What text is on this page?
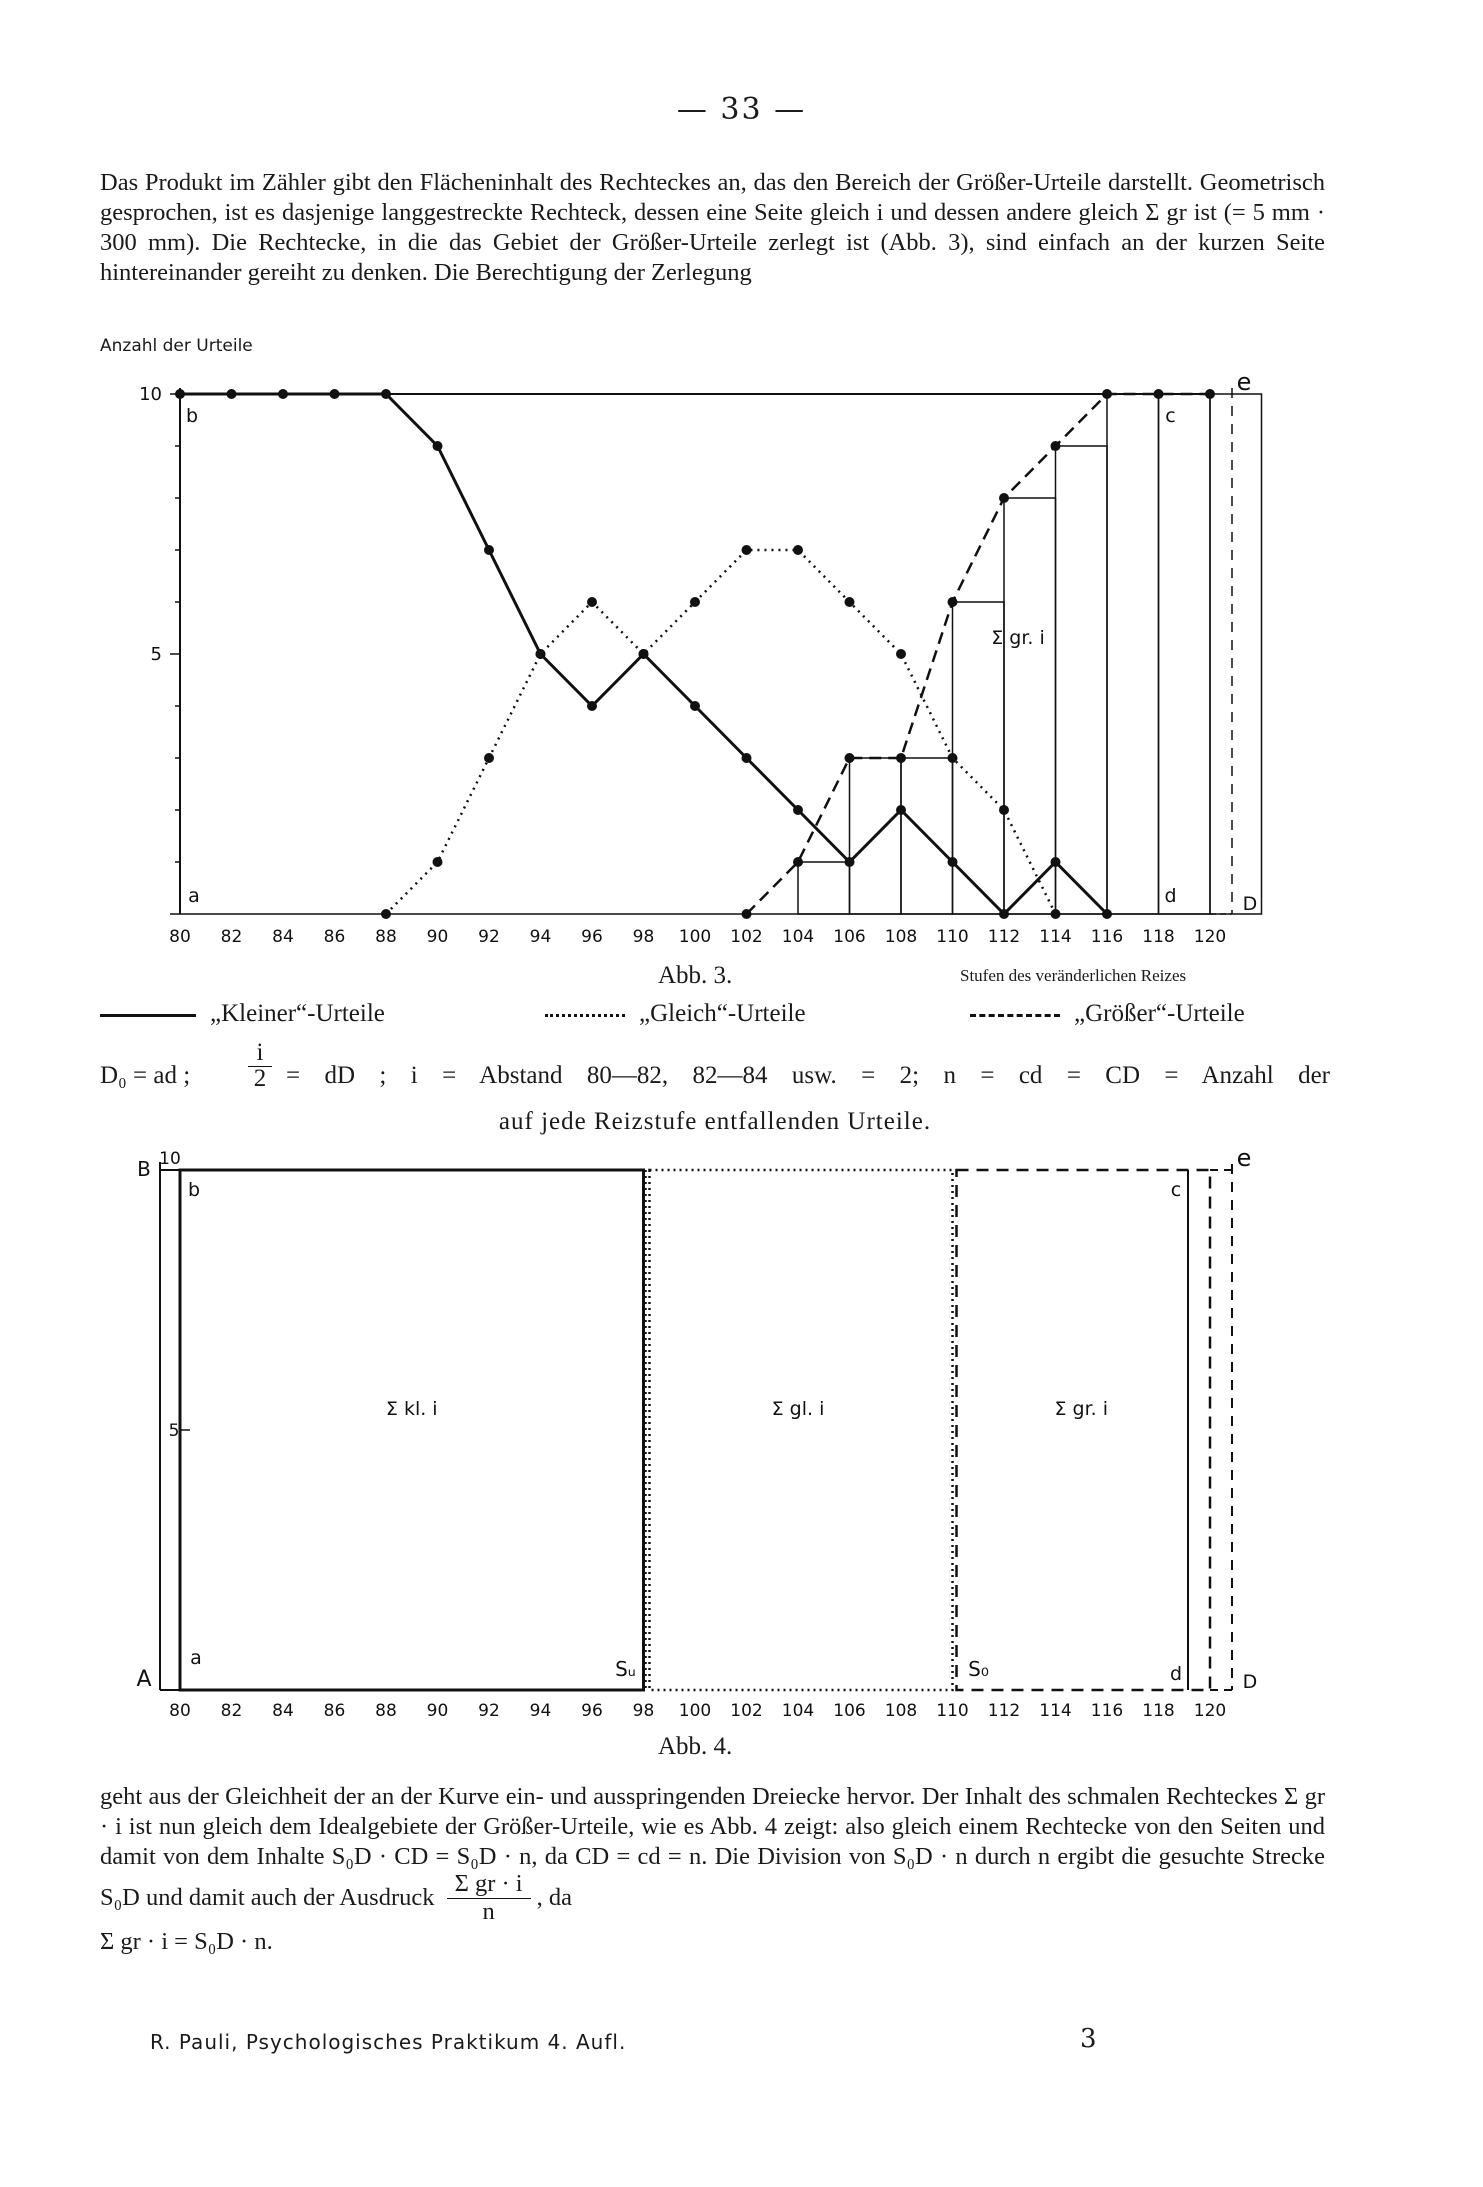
— 33 —

Das Produkt im Zähler gibt den Flächeninhalt des Rechteckes an, das den Bereich der Größer-Urteile darstellt. Geometrisch gesprochen, ist es dasjenige langgestreckte Rechteck, dessen eine Seite gleich i und dessen andere gleich Σ gr ist (= 5 mm · 300 mm). Die Rechtecke, in die das Gebiet der Größer-Urteile zerlegt ist (Abb. 3), sind einfach an der kurzen Seite hintereinander gereiht zu denken. Die Berechtigung der Zerlegung

Anzahl der Urteile
10
5
80 82 84 86 88 90 92 94 96 98 100 102 104 106 108 110 112 114 116 118 120
b
a
c
d
e
D
Σ gr. i
Abb. 3.	Stufen des veränderlichen Reizes
„Kleiner“-Urteile	„Gleich“-Urteile	„Größer“-Urteile
D₀ = ad ; $\frac{i}{2}$ = dD ; i = Abstand 80—82, 82—84 usw. = 2; n = cd = CD = Anzahl der
auf jede Reizstufe entfallenden Urteile.
B
A
10
5
b
a	Sᵤ	S₀
c
d
e
D
Σ kl. i	Σ gl. i	Σ gr. i
80 82 84 86 88 90 92 94 96 98 100 102 104 106 108 110 112 114 116 118 120
Abb. 4.

geht aus der Gleichheit der an der Kurve ein- und ausspringenden Dreiecke hervor. Der Inhalt des schmalen Rechteckes Σ gr · i ist nun gleich dem Idealgebiete der Größer-Urteile, wie es Abb. 4 zeigt: also gleich einem Rechtecke von den Seiten und damit von dem Inhalte S₀D · CD = S₀D · n, da CD = cd = n. Die Division von S₀D · n durch n ergibt die gesuchte Strecke S₀D und damit auch der Ausdruck

$\frac{\text{Σ gr · i}}{n}$ , da

Σ gr · i = S₀D · n.

R. Pauli, Psychologisches Praktikum 4. Aufl.	3
